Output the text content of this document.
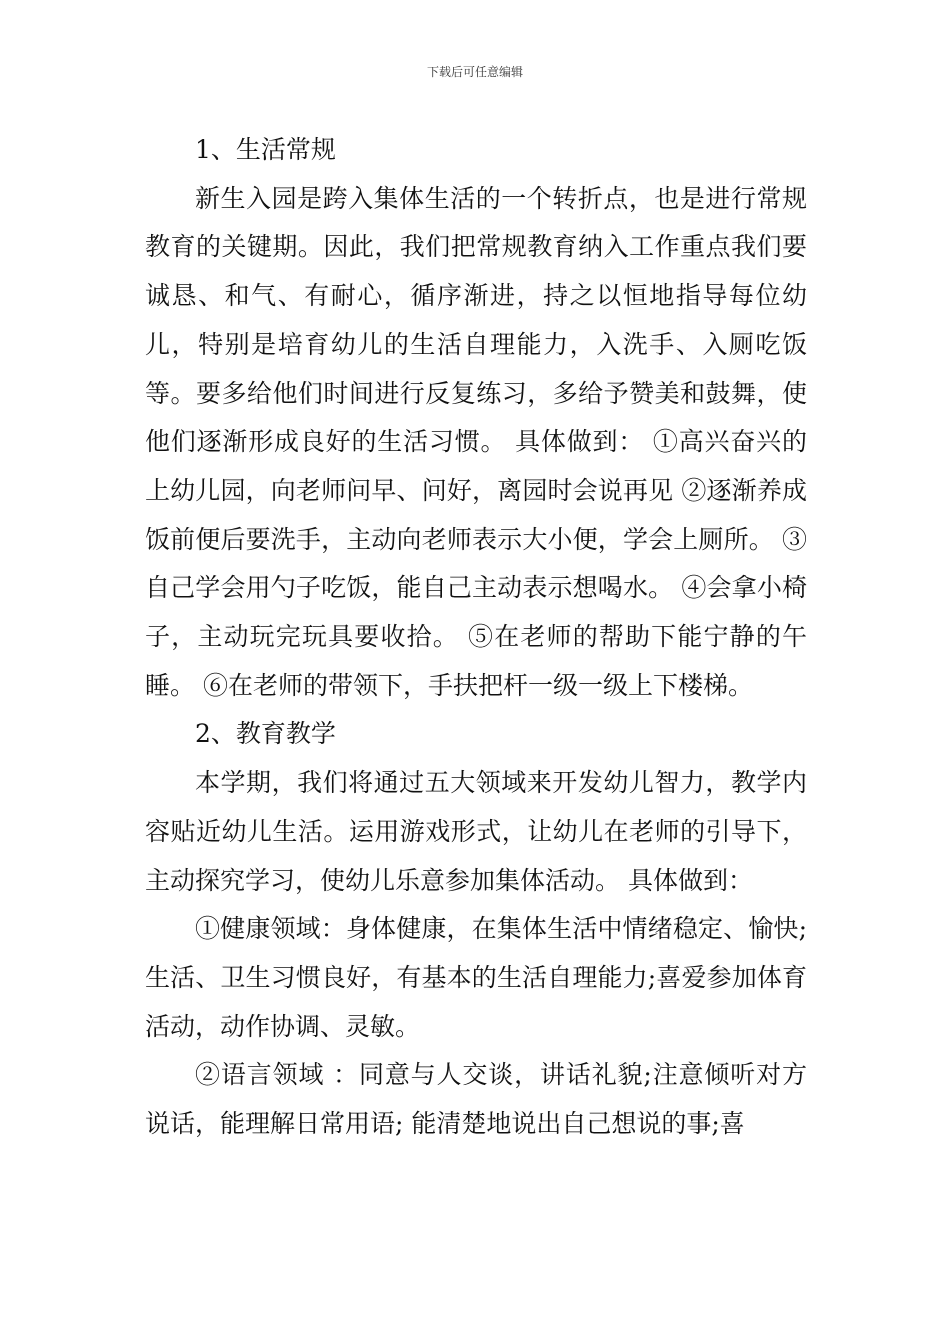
下载后可任意编辑
1、生活常规
新生入园是跨入集体生活的一个转折点，也是进行常规教育的关键期。因此，我们把常规教育纳入工作重点我们要诚恳、和气、有耐心，循序渐进，持之以恒地指导每位幼儿，特别是培育幼儿的生活自理能力，入洗手、入厕吃饭等。要多给他们时间进行反复练习，多给予赞美和鼓舞，使他们逐渐形成良好的生活习惯。 具体做到： ①高兴奋兴的上幼儿园，向老师问早、问好，离园时会说再见 ②逐渐养成饭前便后要洗手，主动向老师表示大小便，学会上厕所。 ③自己学会用勺子吃饭，能自己主动表示想喝水。 ④会拿小椅子，主动玩完玩具要收拾。 ⑤在老师的帮助下能宁静的午睡。 ⑥在老师的带领下，手扶把杆一级一级上下楼梯。
2、教育教学
本学期，我们将通过五大领域来开发幼儿智力，教学内容贴近幼儿生活。运用游戏形式，让幼儿在老师的引导下，主动探究学习，使幼儿乐意参加集体活动。 具体做到：
①健康领域：身体健康，在集体生活中情绪稳定、愉快;生活、卫生习惯良好，有基本的生活自理能力;喜爱参加体育活动，动作协调、灵敏。
②语言领域 ：同意与人交谈，讲话礼貌;注意倾听对方说话，能理解日常用语; 能清楚地说出自己想说的事;喜
